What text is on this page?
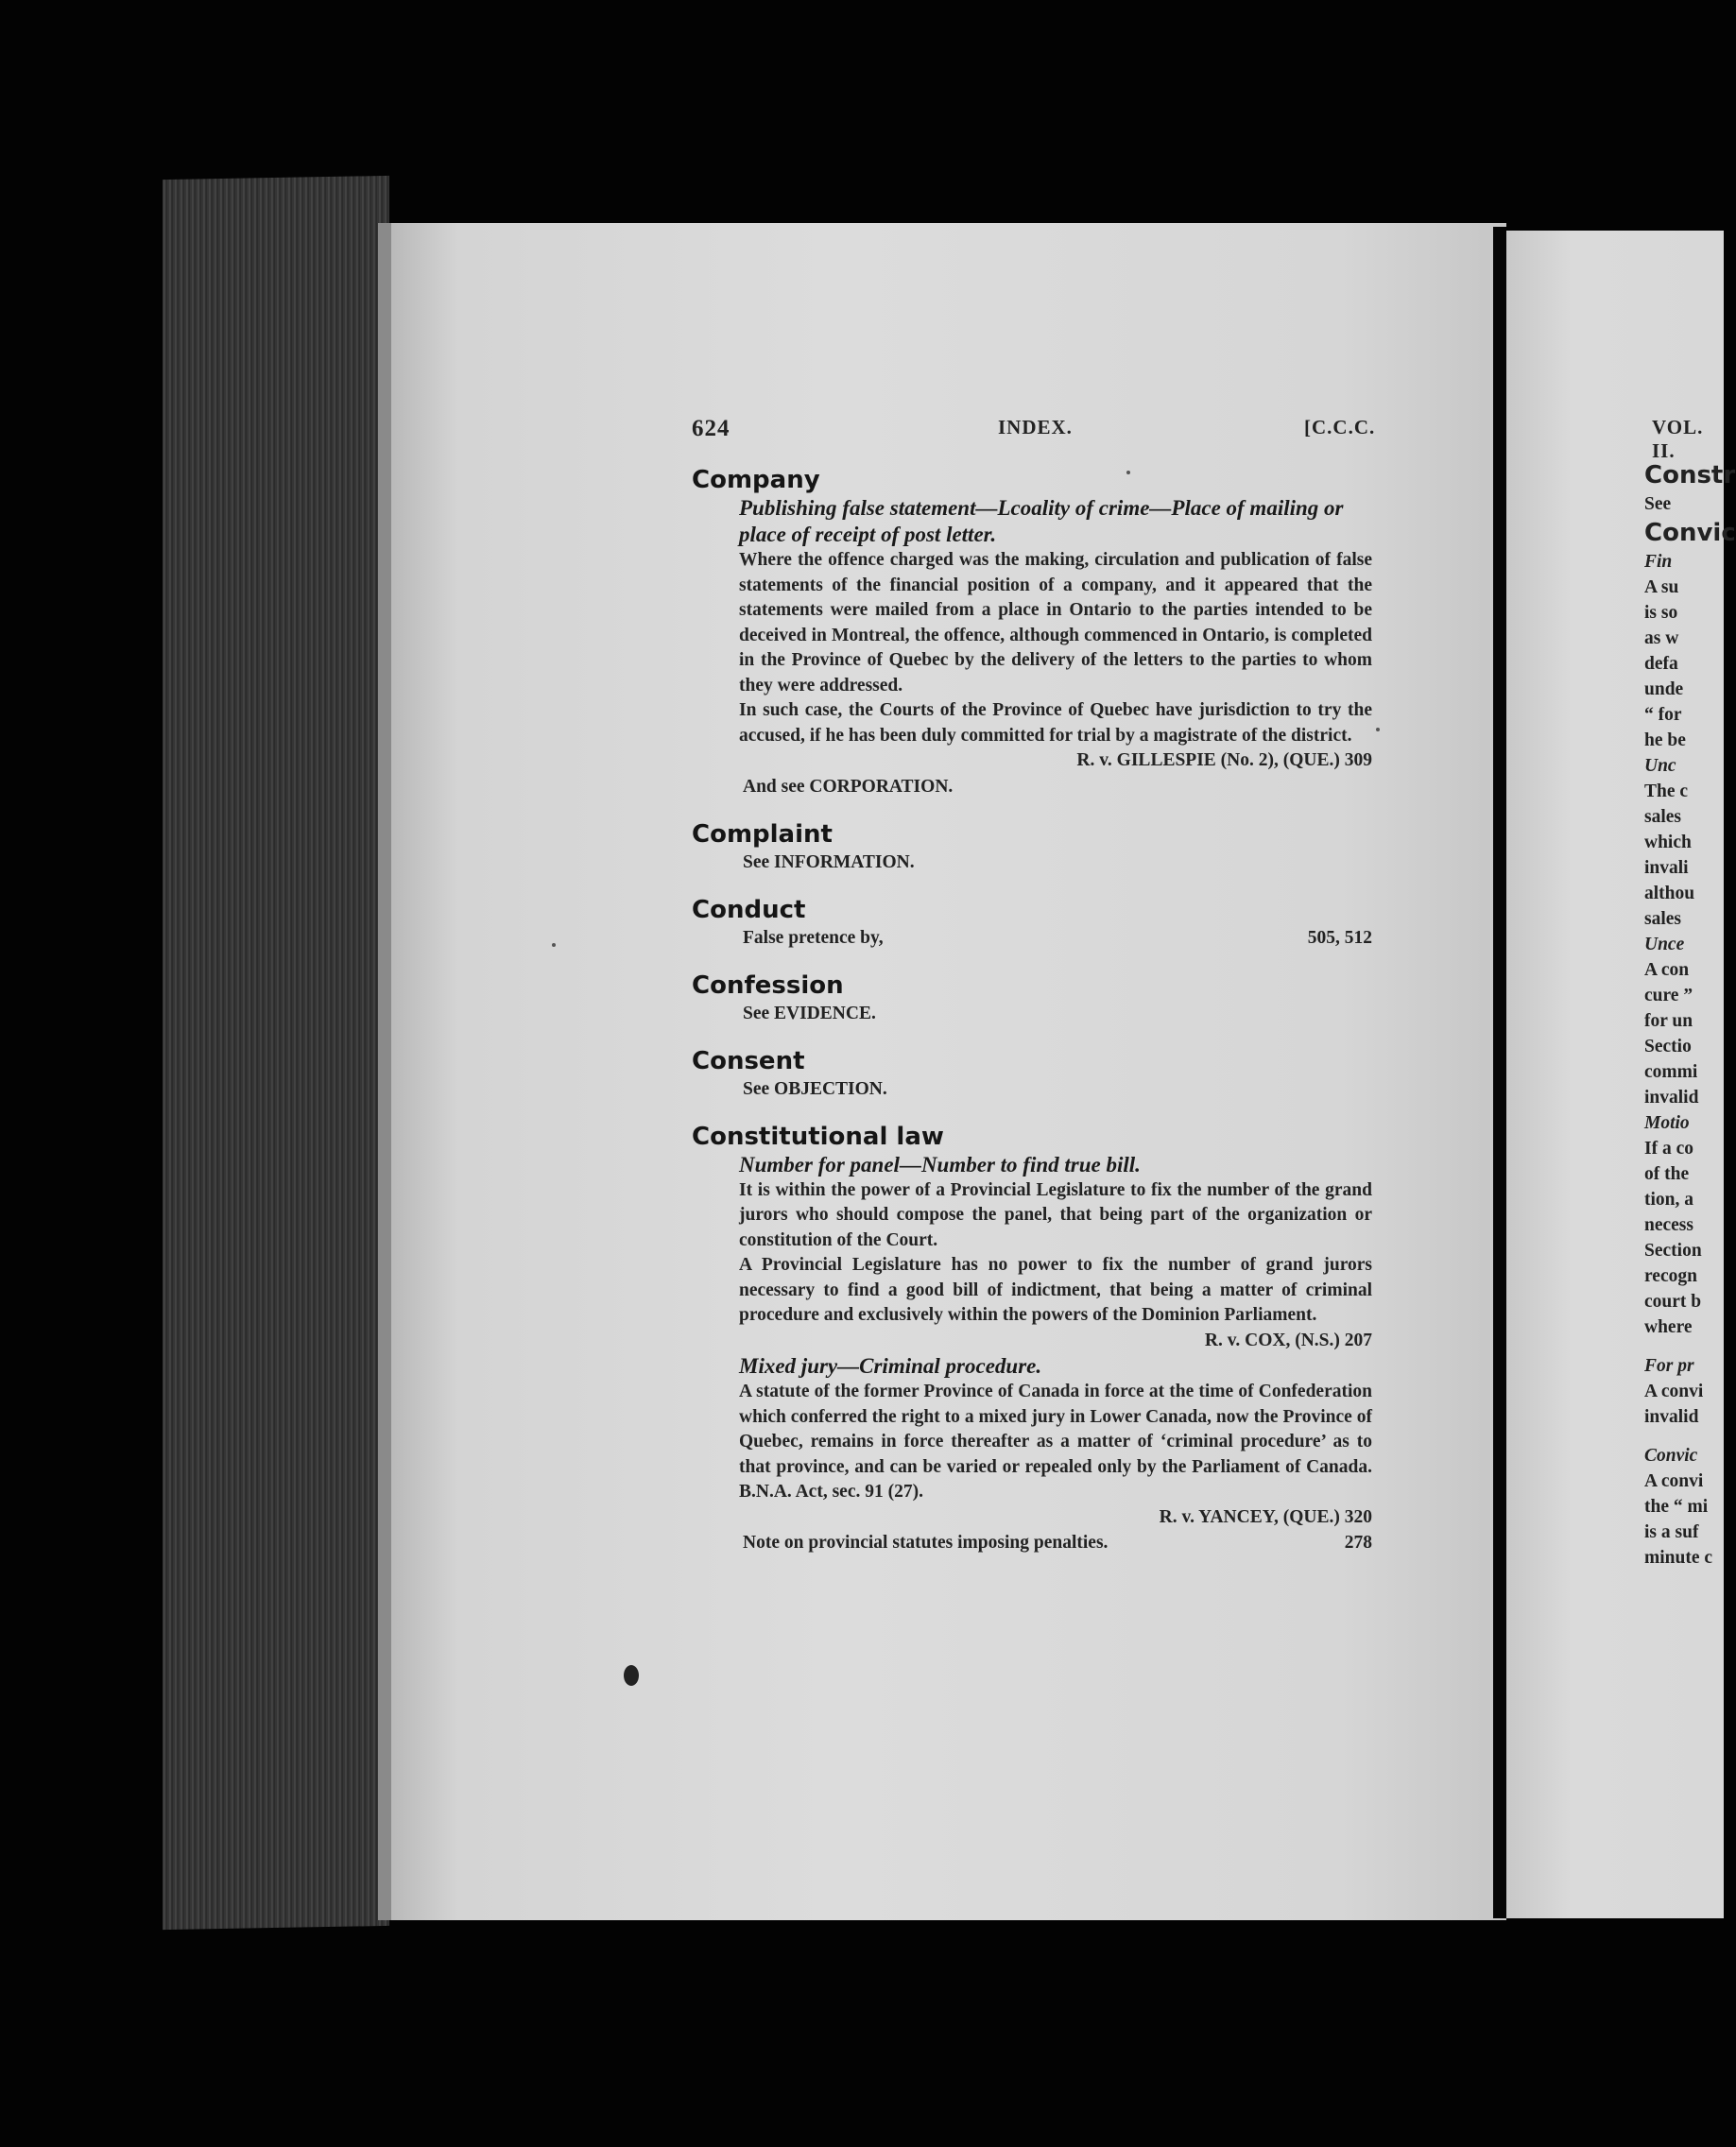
624	INDEX.	[C.C.C.
Company
Publishing false statement—Lcoality of crime—Place of mailing or place of receipt of post letter.
Where the offence charged was the making, circulation and publication of false statements of the financial position of a company, and it appeared that the statements were mailed from a place in Ontario to the parties intended to be deceived in Montreal, the offence, although commenced in Ontario, is completed in the Province of Quebec by the delivery of the letters to the parties to whom they were addressed.
In such case, the Courts of the Province of Quebec have jurisdiction to try the accused, if he has been duly committed for trial by a magistrate of the district.
R. v. GILLESPIE (No. 2), (QUE.) 309
And see CORPORATION.
Complaint
See INFORMATION.
Conduct
False pretence by,	505, 512
Confession
See EVIDENCE.
Consent
See OBJECTION.
Constitutional law
Number for panel—Number to find true bill.
It is within the power of a Provincial Legislature to fix the number of the grand jurors who should compose the panel, that being part of the organization or constitution of the Court.
A Provincial Legislature has no power to fix the number of grand jurors necessary to find a good bill of indictment, that being a matter of criminal procedure and exclusively within the powers of the Dominion Parliament.
R. v. COX, (N.S.) 207
Mixed jury—Criminal procedure.
A statute of the former Province of Canada in force at the time of Confederation which conferred the right to a mixed jury in Lower Canada, now the Province of Quebec, remains in force thereafter as a matter of ‘criminal procedure’ as to that province, and can be varied or repealed only by the Parliament of Canada. B.N.A. Act, sec. 91 (27).
R. v. YANCEY, (QUE.) 320
Note on provincial statutes imposing penalties.	278
VOL. II.
Constr
See
Convic
Fin
A su
is so
as w
defa
unde
“ for
he be
Unc
The c
sales
which
invali
althou
sales
Unce
A con
cure ”
for un
Sectio
commi
invalid
Motio
If a co
of the
tion, a
necess
Section
recogn
court b
where
For pr
A convi
invalid
Convic
A convi
the “ mi
is a suf
minute c
